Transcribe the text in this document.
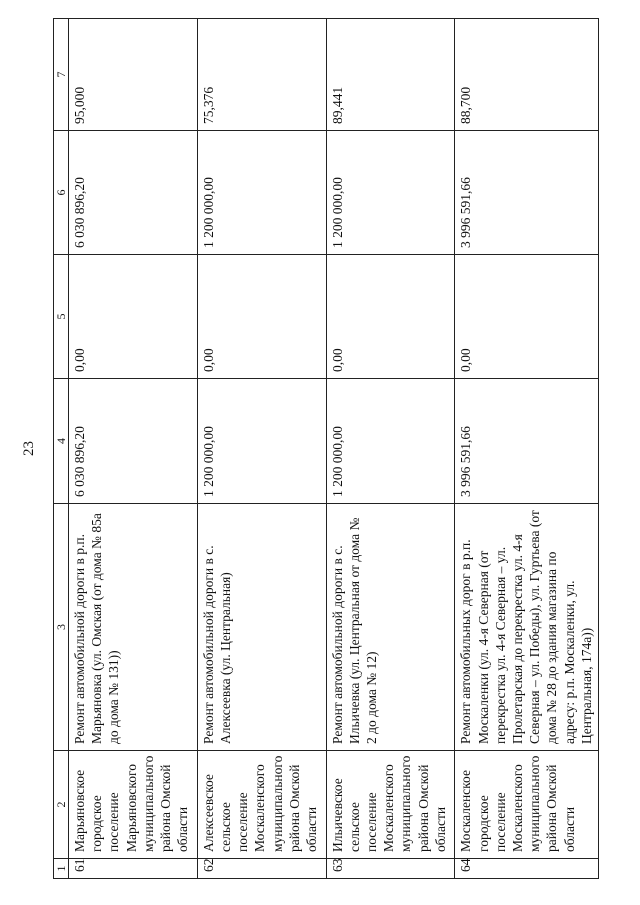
23
1	2	3	4	5	6	7
61	Марьяновское городское поселение Марьяновского муниципального района Омской области	Ремонт автомобильной дороги в р.п. Марьяновка (ул. Омская (от дома № 85а до дома № 131))	6 030 896,20	0,00	6 030 896,20	95,000
62	Алексеевское сельское поселение Москаленского муниципального района Омской области	Ремонт автомобильной дороги в с. Алексеевка (ул. Центральная)	1 200 000,00	0,00	1 200 000,00	75,376
63	Ильичевское сельское поселение Москаленского муниципального района Омской области	Ремонт автомобильной дороги в с. Ильичевка (ул. Центральная от дома № 2 до дома № 12)	1 200 000,00	0,00	1 200 000,00	89,441
64	Москаленское городское поселение Москаленского муниципального района Омской области	Ремонт автомобильных дорог в р.п. Москаленки (ул. 4-я Северная (от перекрестка ул. 4-я Северная – ул. Пролетарская до перекрестка ул. 4-я Северная – ул. Победы), ул. Гуртьева (от дома № 28 до здания магазина по адресу: р.п. Москаленки, ул. Центральная, 174а))	3 996 591,66	0,00	3 996 591,66	88,700
